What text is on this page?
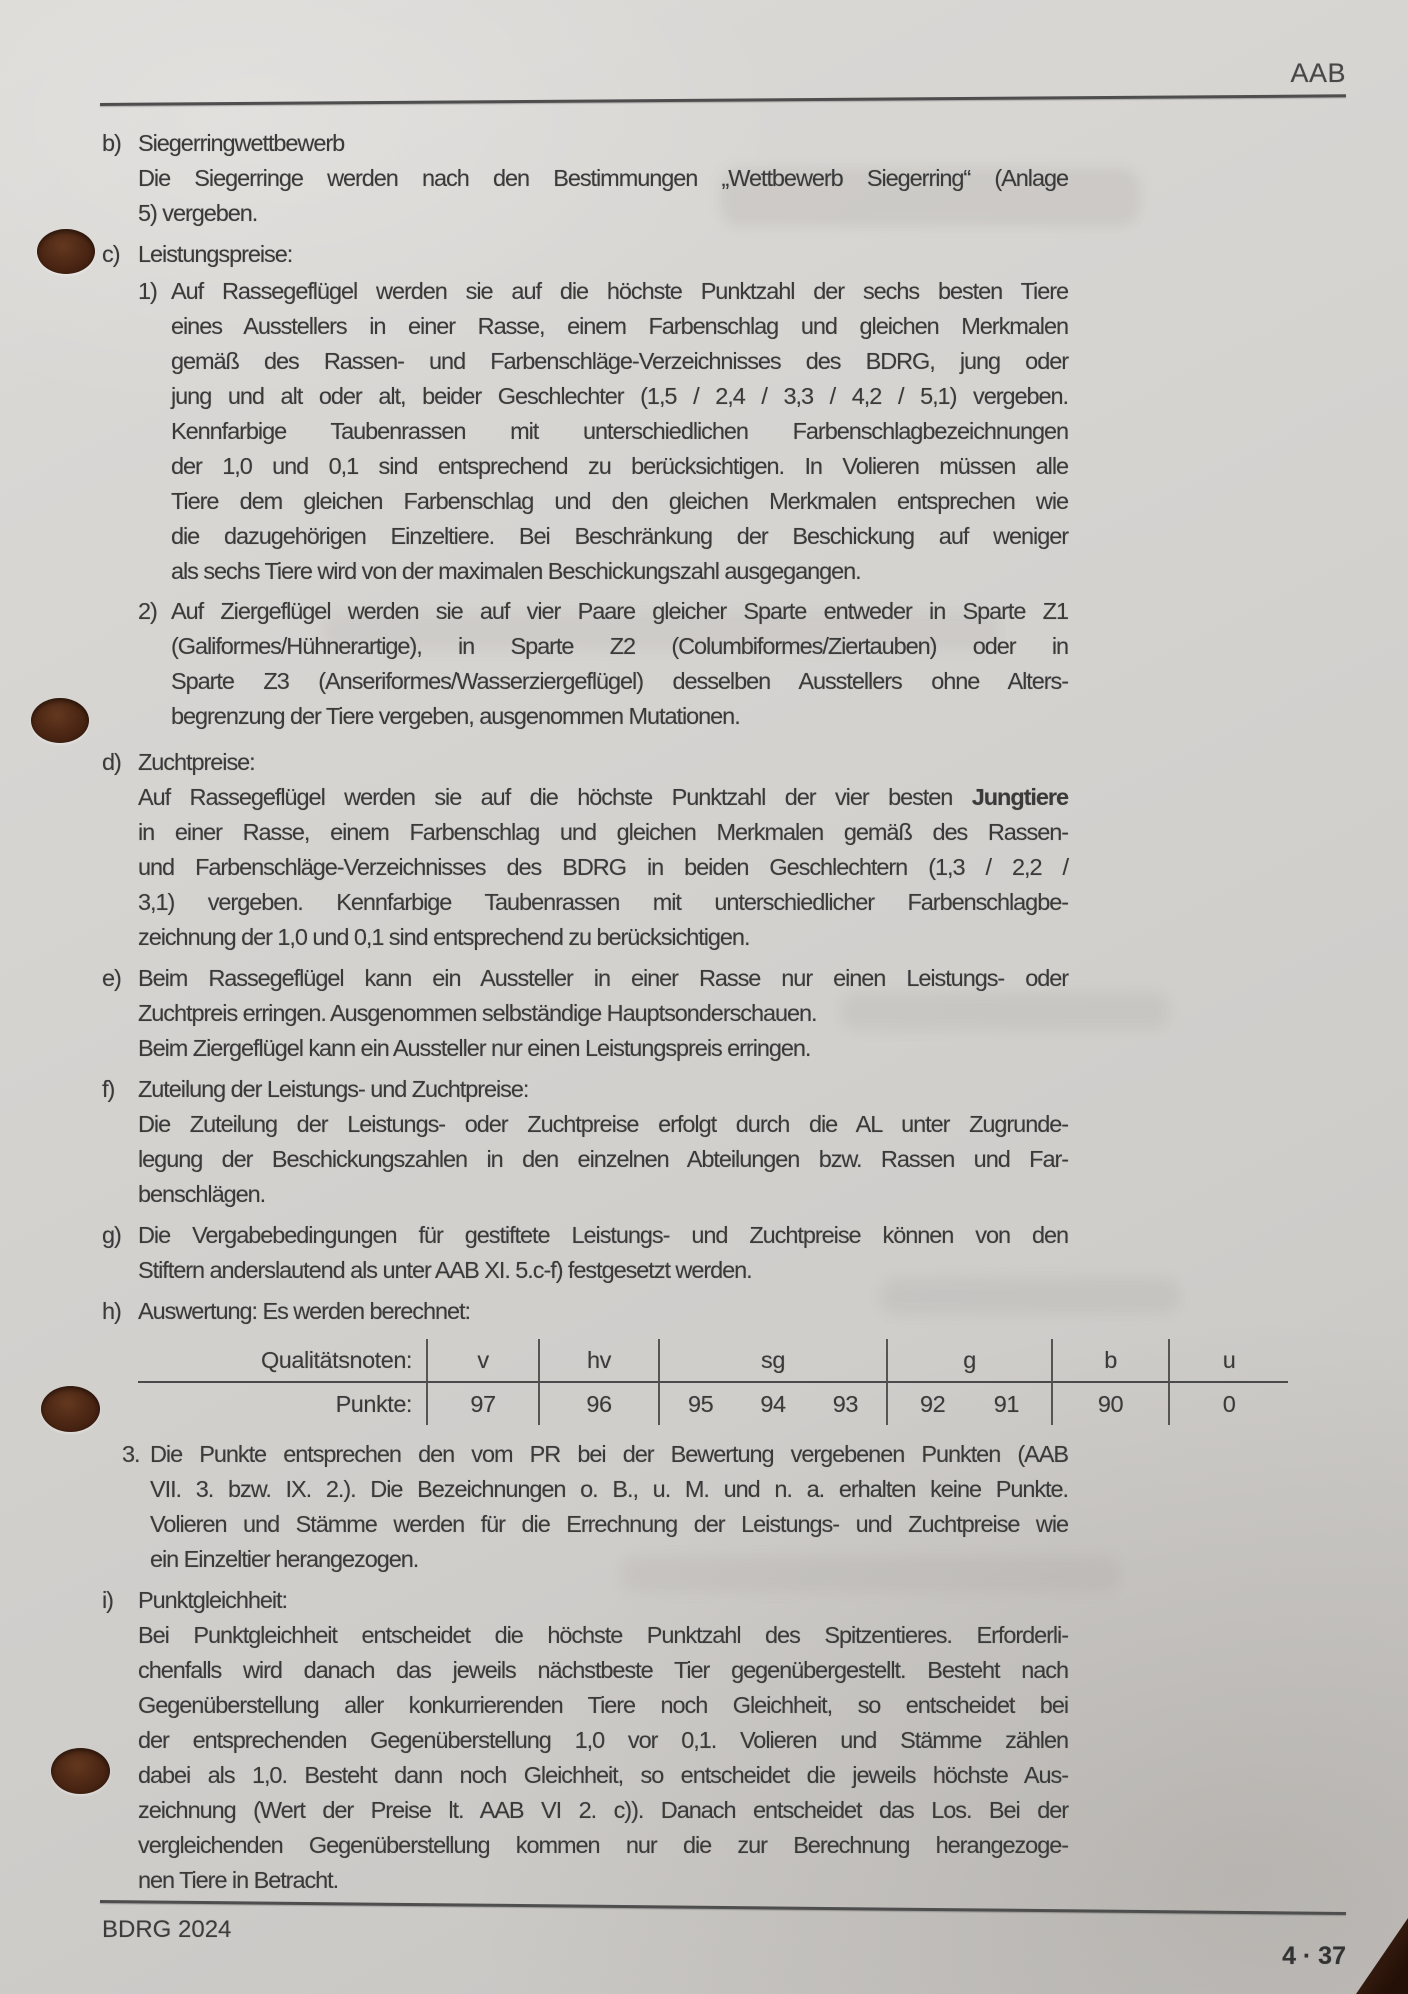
AAB
b) Siegerringwettbewerb
Die Siegerringe werden nach den Bestimmungen „Wettbewerb Siegerring“ (Anlage
5) vergeben.
c) Leistungspreise:
1) Auf Rassegeflügel werden sie auf die höchste Punktzahl der sechs besten Tiere
eines Ausstellers in einer Rasse, einem Farbenschlag und gleichen Merkmalen
gemäß des Rassen- und Farbenschläge-Verzeichnisses des BDRG, jung oder
jung und alt oder alt, beider Geschlechter (1,5 / 2,4 / 3,3 / 4,2 / 5,1) vergeben.
Kennfarbige Taubenrassen mit unterschiedlichen Farbenschlagbezeichnungen
der 1,0 und 0,1 sind entsprechend zu berücksichtigen. In Volieren müssen alle
Tiere dem gleichen Farbenschlag und den gleichen Merkmalen entsprechen wie
die dazugehörigen Einzeltiere. Bei Beschränkung der Beschickung auf weniger
als sechs Tiere wird von der maximalen Beschickungszahl ausgegangen.
2) Auf Ziergeflügel werden sie auf vier Paare gleicher Sparte entweder in Sparte Z1
(Galiformes/Hühnerartige), in Sparte Z2 (Columbiformes/Ziertauben) oder in
Sparte Z3 (Anseriformes/Wasserziergeflügel) desselben Ausstellers ohne Alters-
begrenzung der Tiere vergeben, ausgenommen Mutationen.
d) Zuchtpreise:
Auf Rassegeflügel werden sie auf die höchste Punktzahl der vier besten Jungtiere
in einer Rasse, einem Farbenschlag und gleichen Merkmalen gemäß des Rassen-
und Farbenschläge-Verzeichnisses des BDRG in beiden Geschlechtern (1,3 / 2,2 /
3,1) vergeben. Kennfarbige Taubenrassen mit unterschiedlicher Farbenschlagbe-
zeichnung der 1,0 und 0,1 sind entsprechend zu berücksichtigen.
e) Beim Rassegeflügel kann ein Aussteller in einer Rasse nur einen Leistungs- oder
Zuchtpreis erringen. Ausgenommen selbständige Hauptsonderschauen.
Beim Ziergeflügel kann ein Aussteller nur einen Leistungspreis erringen.
f)	Zuteilung der Leistungs- und Zuchtpreise:
Die Zuteilung der Leistungs- oder Zuchtpreise erfolgt durch die AL unter Zugrunde-
legung der Beschickungszahlen in den einzelnen Abteilungen bzw. Rassen und Far-
benschlägen.
g) Die Vergabebedingungen für gestiftete Leistungs- und Zuchtpreise können von den
Stiftern anderslautend als unter AAB XI. 5.c-f) festgesetzt werden.
h) Auswertung: Es werden berechnet:
Qualitätsnoten:	v	hv	sg	g	b	u
Punkte:	97	96	95 94 93	92 91	90	0
3. Die Punkte entsprechen den vom PR bei der Bewertung vergebenen Punkten (AAB
VII. 3. bzw. IX. 2.). Die Bezeichnungen o. B., u. M. und n. a. erhalten keine Punkte.
Volieren und Stämme werden für die Errechnung der Leistungs- und Zuchtpreise wie
ein Einzeltier herangezogen.
i)	Punktgleichheit:
Bei Punktgleichheit entscheidet die höchste Punktzahl des Spitzentieres. Erforderli-
chenfalls wird danach das jeweils nächstbeste Tier gegenübergestellt. Besteht nach
Gegenüberstellung aller konkurrierenden Tiere noch Gleichheit, so entscheidet bei
der entsprechenden Gegenüberstellung 1,0 vor 0,1. Volieren und Stämme zählen
dabei als 1,0. Besteht dann noch Gleichheit, so entscheidet die jeweils höchste Aus-
zeichnung (Wert der Preise lt. AAB VI 2. c)). Danach entscheidet das Los. Bei der
vergleichenden Gegenüberstellung kommen nur die zur Berechnung herangezoge-
nen Tiere in Betracht.
BDRG 2024
4 · 37
